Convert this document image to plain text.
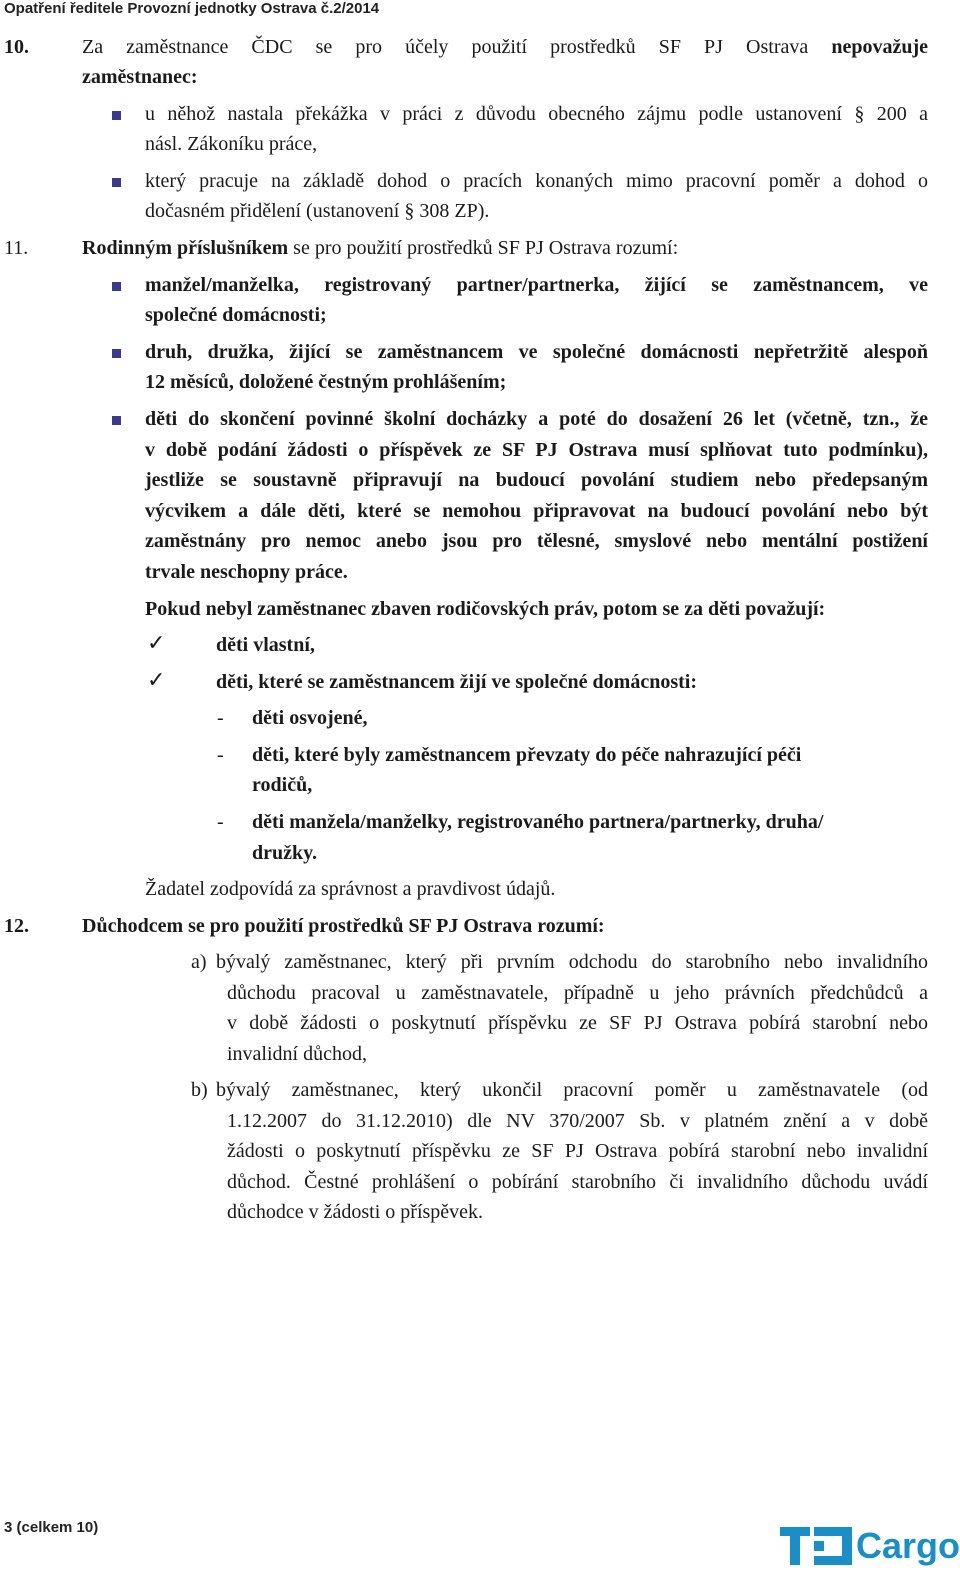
Opatření ředitele Provozní jednotky Ostrava č.2/2014
10.	Za zaměstnance ČDC se pro účely použití prostředků SF PJ Ostrava nepovažuje
zaměstnanec:
u něhož nastala překážka v práci z důvodu obecného zájmu podle ustanovení § 200 a
násl. Zákoníku práce,
který pracuje na základě dohod o pracích konaných mimo pracovní poměr a dohod o
dočasném přidělení (ustanovení § 308 ZP).
11.	Rodinným příslušníkem se pro použití prostředků SF PJ Ostrava rozumí:
manžel/manželka, registrovaný partner/partnerka, žijící se zaměstnancem, ve
společné domácnosti;
druh, družka, žijící se zaměstnancem ve společné domácnosti nepřetržitě alespoň
12 měsíců, doložené čestným prohlášením;
děti do skončení povinné školní docházky a poté do dosažení 26 let (včetně, tzn., že
v době podání žádosti o příspěvek ze SF PJ Ostrava musí splňovat tuto podmínku),
jestliže se soustavně připravují na budoucí povolání studiem nebo předepsaným
výcvikem a dále děti, které se nemohou připravovat na budoucí povolání nebo být
zaměstnány pro nemoc anebo jsou pro tělesné, smyslové nebo mentální postižení
trvale neschopny práce.
Pokud nebyl zaměstnanec zbaven rodičovských práv, potom se za děti považují:
✓	děti vlastní,
✓	děti, které se zaměstnancem žijí ve společné domácnosti:
- děti osvojené,
- děti, které byly zaměstnancem převzaty do péče nahrazující péči
rodičů,
- děti manžela/manželky, registrovaného partnera/partnerky, druha/
družky.
Žadatel zodpovídá za správnost a pravdivost údajů.
12.	Důchodcem se pro použití prostředků SF PJ Ostrava rozumí:
a) bývalý zaměstnanec, který při prvním odchodu do starobního nebo invalidního
důchodu pracoval u zaměstnavatele, případně u jeho právních předchůdců a
v době žádosti o poskytnutí příspěvku ze SF PJ Ostrava pobírá starobní nebo
invalidní důchod,
b) bývalý zaměstnanec, který ukončil pracovní poměr u zaměstnavatele (od
1.12.2007 do 31.12.2010) dle NV 370/2007 Sb. v platném znění a v době
žádosti o poskytnutí příspěvku ze SF PJ Ostrava pobírá starobní nebo invalidní
důchod. Čestné prohlášení o pobírání starobního či invalidního důchodu uvádí
důchodce v žádosti o příspěvek.
3 (celkem 10)	Cargo
